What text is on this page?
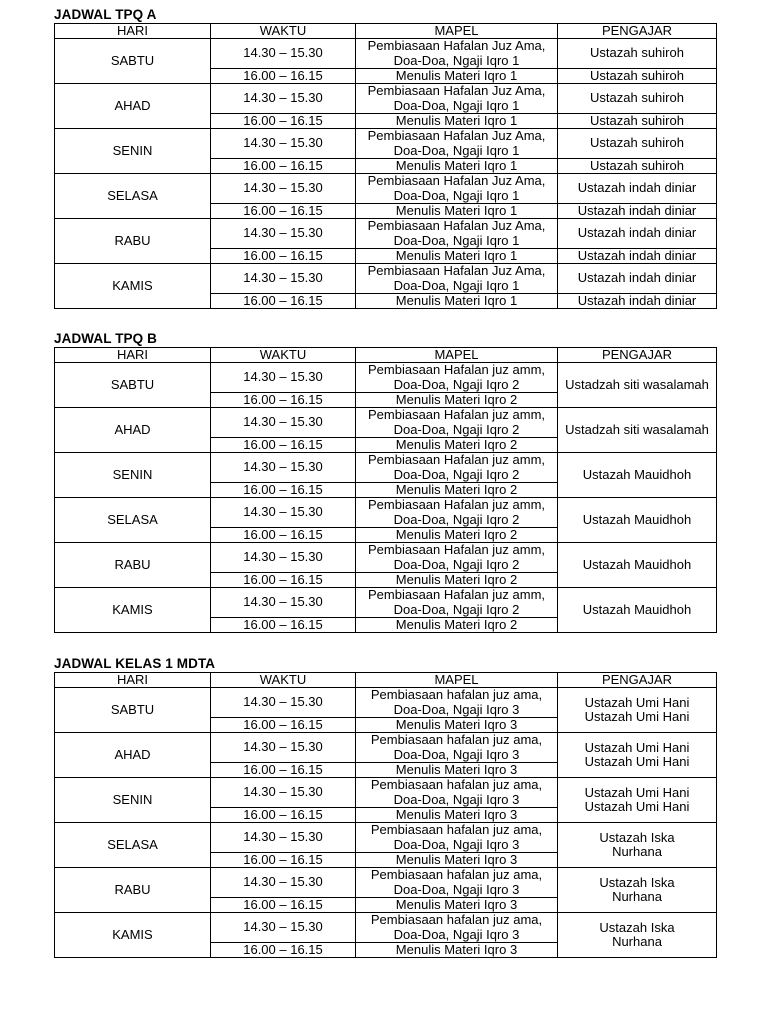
JADWAL TPQ A
HARI	WAKTU	MAPEL	PENGAJAR
SABTU	14.30 – 15.30	Pembiasaan Hafalan Juz Ama, Doa-Doa, Ngaji Iqro 1	Ustazah suhiroh
	16.00 – 16.15	Menulis Materi Iqro 1	Ustazah suhiroh
AHAD	14.30 – 15.30	Pembiasaan Hafalan Juz Ama, Doa-Doa, Ngaji Iqro 1	Ustazah suhiroh
	16.00 – 16.15	Menulis Materi Iqro 1	Ustazah suhiroh
SENIN	14.30 – 15.30	Pembiasaan Hafalan Juz Ama, Doa-Doa, Ngaji Iqro 1	Ustazah suhiroh
	16.00 – 16.15	Menulis Materi Iqro 1	Ustazah suhiroh
SELASA	14.30 – 15.30	Pembiasaan Hafalan Juz Ama, Doa-Doa, Ngaji Iqro 1	Ustazah indah diniar
	16.00 – 16.15	Menulis Materi Iqro 1	Ustazah indah diniar
RABU	14.30 – 15.30	Pembiasaan Hafalan Juz Ama, Doa-Doa, Ngaji Iqro 1	Ustazah indah diniar
	16.00 – 16.15	Menulis Materi Iqro 1	Ustazah indah diniar
KAMIS	14.30 – 15.30	Pembiasaan Hafalan Juz Ama, Doa-Doa, Ngaji Iqro 1	Ustazah indah diniar
	16.00 – 16.15	Menulis Materi Iqro 1	Ustazah indah diniar
JADWAL TPQ B
HARI	WAKTU	MAPEL	PENGAJAR
SABTU	14.30 – 15.30	Pembiasaan Hafalan juz amm, Doa-Doa, Ngaji Iqro 2	Ustadzah siti wasalamah
	16.00 – 16.15	Menulis Materi Iqro 2	
AHAD	14.30 – 15.30	Pembiasaan Hafalan juz amm, Doa-Doa, Ngaji Iqro 2	Ustadzah siti wasalamah
	16.00 – 16.15	Menulis Materi Iqro 2	
SENIN	14.30 – 15.30	Pembiasaan Hafalan juz amm, Doa-Doa, Ngaji Iqro 2	Ustazah Mauidhoh
	16.00 – 16.15	Menulis Materi Iqro 2	
SELASA	14.30 – 15.30	Pembiasaan Hafalan juz amm, Doa-Doa, Ngaji Iqro 2	Ustazah Mauidhoh
	16.00 – 16.15	Menulis Materi Iqro 2	
RABU	14.30 – 15.30	Pembiasaan Hafalan juz amm, Doa-Doa, Ngaji Iqro 2	Ustazah Mauidhoh
	16.00 – 16.15	Menulis Materi Iqro 2	
KAMIS	14.30 – 15.30	Pembiasaan Hafalan juz amm, Doa-Doa, Ngaji Iqro 2	Ustazah Mauidhoh
	16.00 – 16.15	Menulis Materi Iqro 2	
JADWAL KELAS 1 MDTA
HARI	WAKTU	MAPEL	PENGAJAR
SABTU	14.30 – 15.30	Pembiasaan hafalan juz ama, Doa-Doa, Ngaji Iqro 3	Ustazah Umi Hani
Ustazah Umi Hani

	16.00 – 16.15	Menulis Materi Iqro 3	
AHAD	14.30 – 15.30	Pembiasaan hafalan juz ama, Doa-Doa, Ngaji Iqro 3	Ustazah Umi Hani
Ustazah Umi Hani

	16.00 – 16.15	Menulis Materi Iqro 3	
SENIN	14.30 – 15.30	Pembiasaan hafalan juz ama, Doa-Doa, Ngaji Iqro 3	Ustazah Umi Hani
Ustazah Umi Hani

	16.00 – 16.15	Menulis Materi Iqro 3	
SELASA	14.30 – 15.30	Pembiasaan hafalan juz ama, Doa-Doa, Ngaji Iqro 3	Ustazah Iska
Nurhana

	16.00 – 16.15	Menulis Materi Iqro 3	
RABU	14.30 – 15.30	Pembiasaan hafalan juz ama, Doa-Doa, Ngaji Iqro 3	Ustazah Iska
Nurhana

	16.00 – 16.15	Menulis Materi Iqro 3	
KAMIS	14.30 – 15.30	Pembiasaan hafalan juz ama, Doa-Doa, Ngaji Iqro 3	Ustazah Iska
Nurhana

	16.00 – 16.15	Menulis Materi Iqro 3	
